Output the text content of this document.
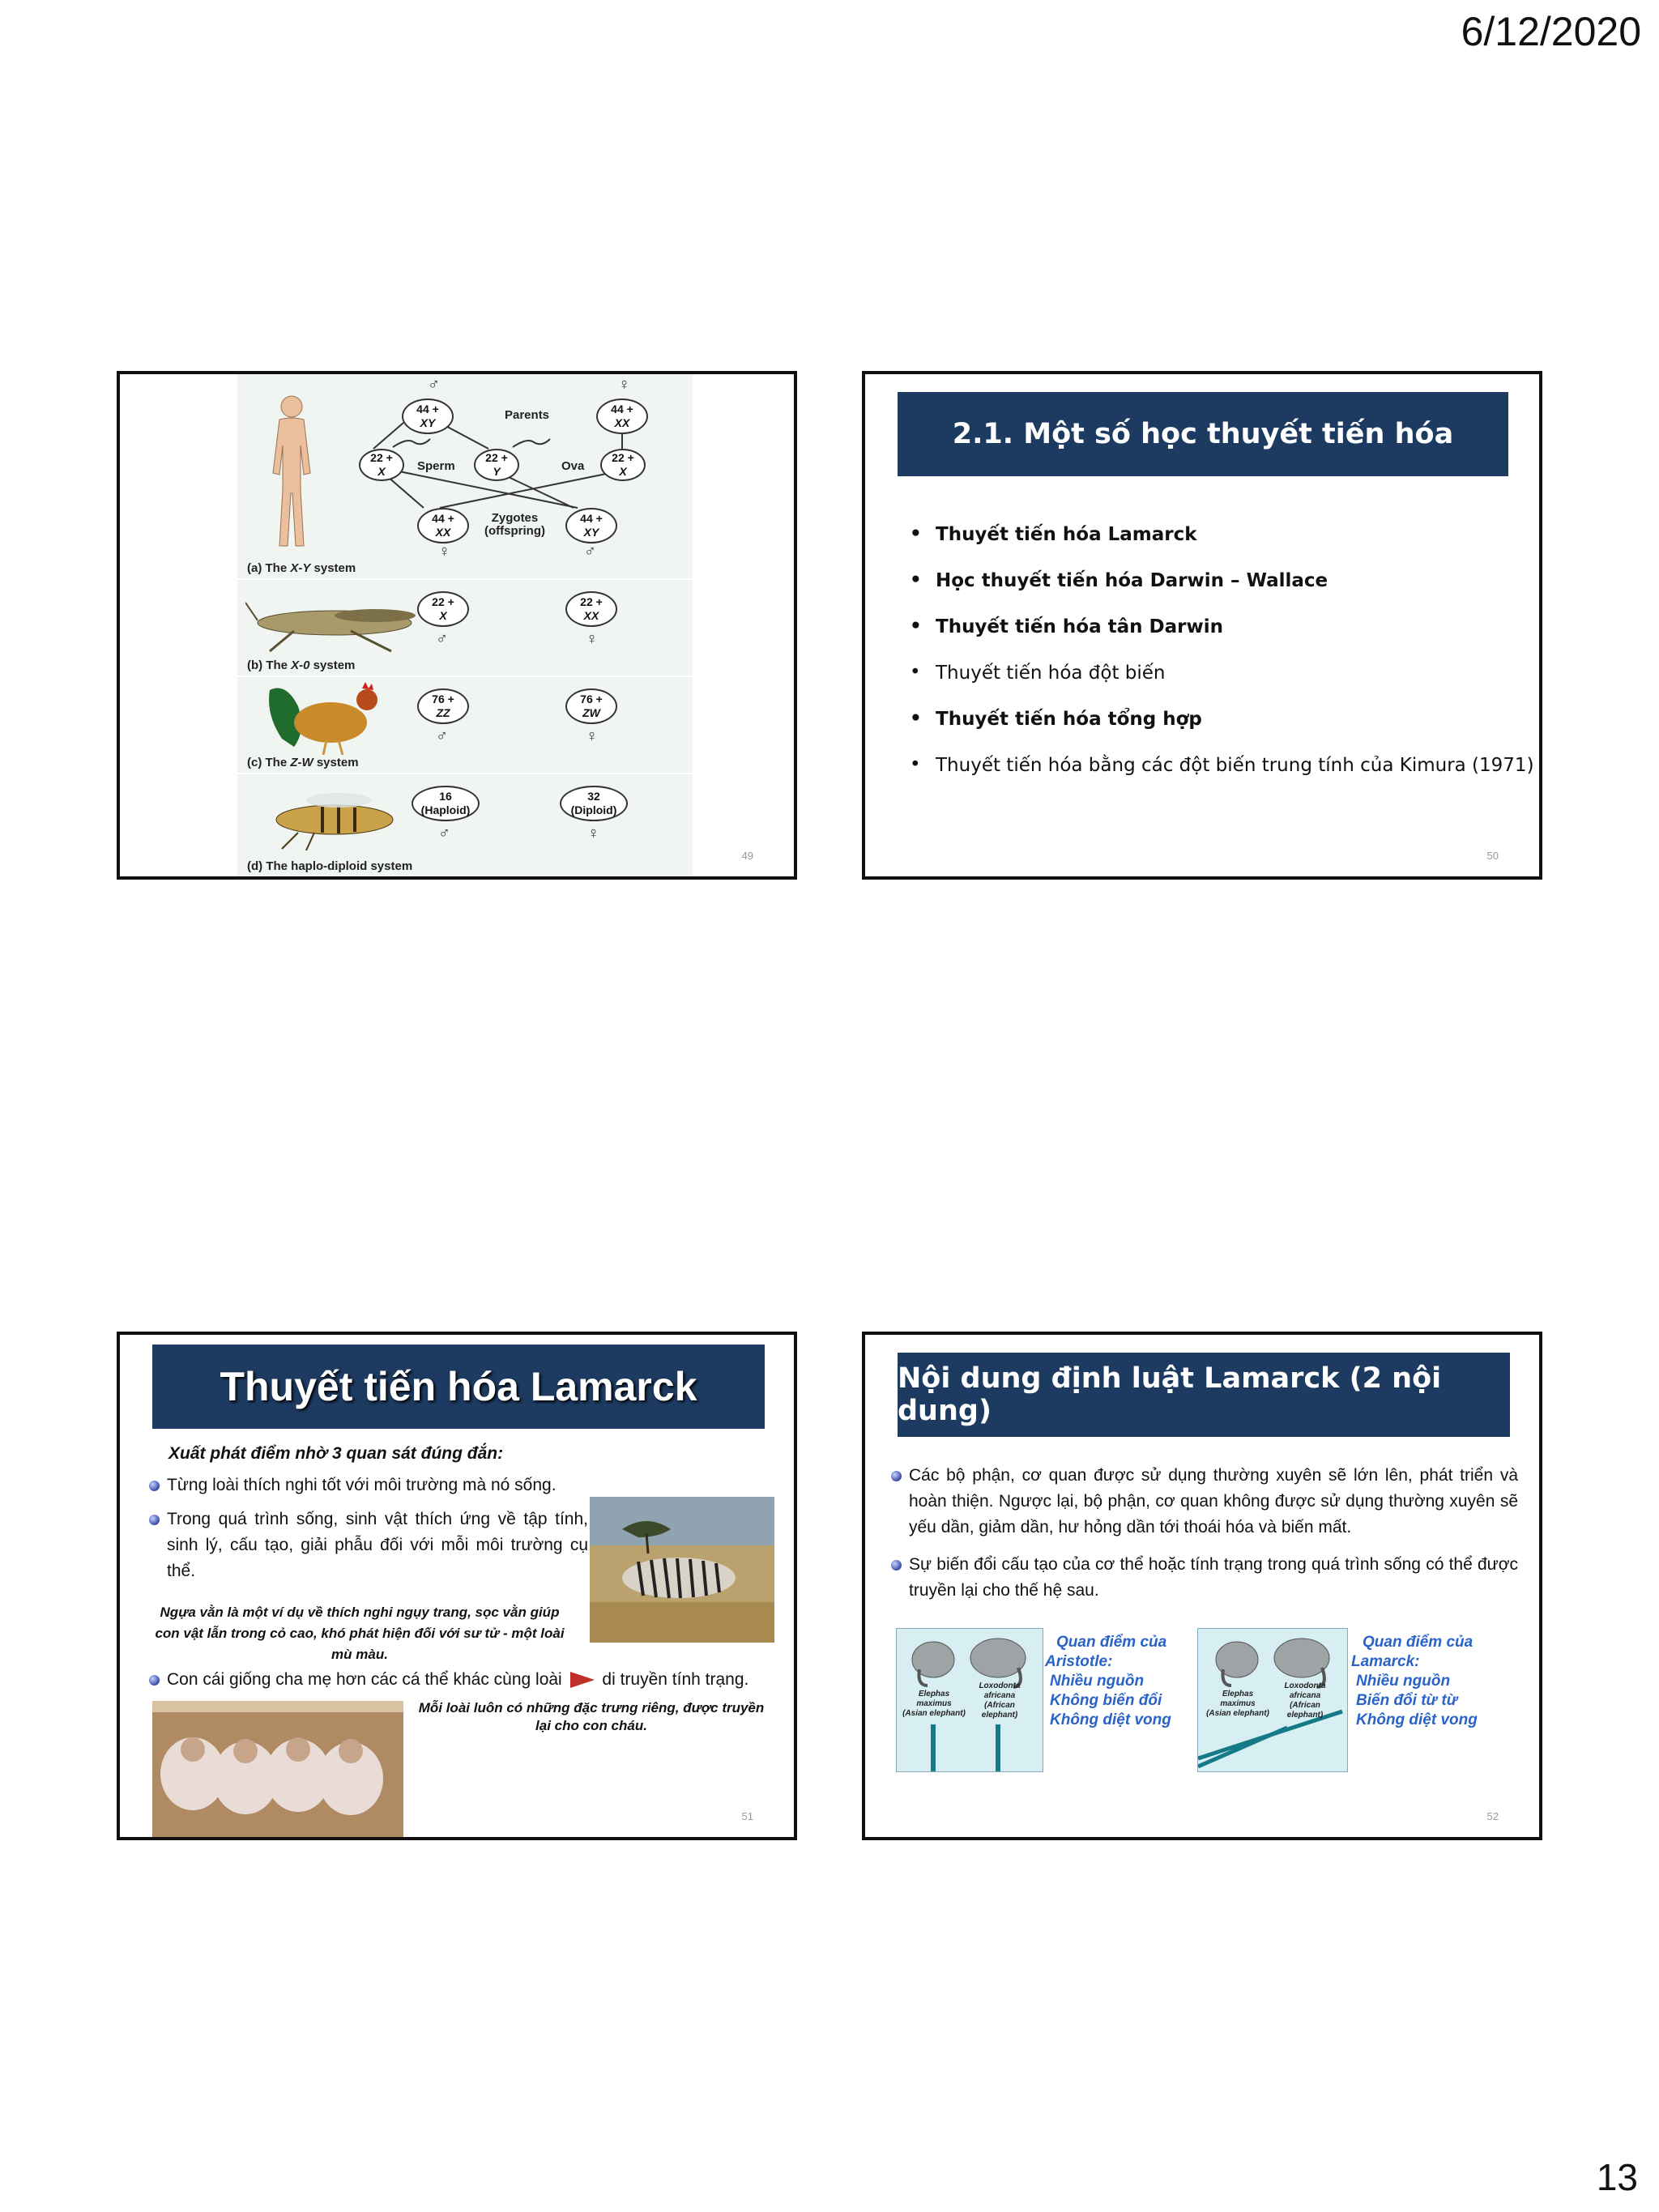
6/12/2020
13
♂	♀
44 +
XY
Parents	44 +
XX
22 +
X	Sperm
22 +
Y	Ova
22 +
X
44 +
XX
Zygotes
(offspring)
44 +
XY
♀	♂
(a) The X-Y system
22 +
X
♂
22 +
XX
♀
(b) The X-0 system
76 +
ZZ
♂
76 +
ZW
♀
(c) The Z-W system
16
(Haploid)
♂
32
(Diploid)
♀
(d) The haplo-diploid system
49
2.1. Một số học thuyết tiến hóa
• Thuyết tiến hóa Lamarck
• Học thuyết tiến hóa Darwin – Wallace
• Thuyết tiến hóa tân Darwin
• Thuyết tiến hóa đột biến
• Thuyết tiến hóa tổng hợp
• Thuyết tiến hóa bằng các đột biến trung tính của Kimura (1971)
50
Thuyết tiến hóa Lamarck

Xuất phát điểm nhờ 3 quan sát đúng đắn:

Từng loài thích nghi tốt với môi trường mà nó sống.

Trong quá trình sống, sinh vật thích ứng về tập tính, sinh lý, cấu tạo, giải phẫu đối với mỗi môi trường cụ thể.

Ngựa vằn là một ví dụ về thích nghi ngụy trang, sọc vằn giúp con vật lẫn trong cỏ cao, khó phát hiện đối với sư tử - một loài mù màu.

Con cái giống cha mẹ hơn các cá thể khác cùng loài di truyền tính trạng.

Mỗi loài luôn có những đặc trưng riêng, được truyền lại cho con cháu.

51
Nội dung định luật Lamarck (2 nội dung)

Các bộ phận, cơ quan được sử dụng thường xuyên sẽ lớn lên, phát triển và hoàn thiện. Ngược lại, bộ phận, cơ quan không được sử dụng thường xuyên sẽ yếu dần, giảm dần, hư hỏng dần tới thoái hóa và biến mất.

Sự biến đổi cấu tạo của cơ thể hoặc tính trạng trong quá trình sống có thể được truyền lại cho thế hệ sau.

Elephas
maximus
(Asian elephant)
Loxodonta
africana
(African
elephant)
Quan điểm của
Aristotle:
Nhiều nguồn
Không biến đổi
Không diệt vong
Elephas
maximus
(Asian elephant)
Loxodonta
africana
(African
elephant)
Quan điểm của
Lamarck:
Nhiều nguồn
Biến đổi từ từ
Không diệt vong
52
